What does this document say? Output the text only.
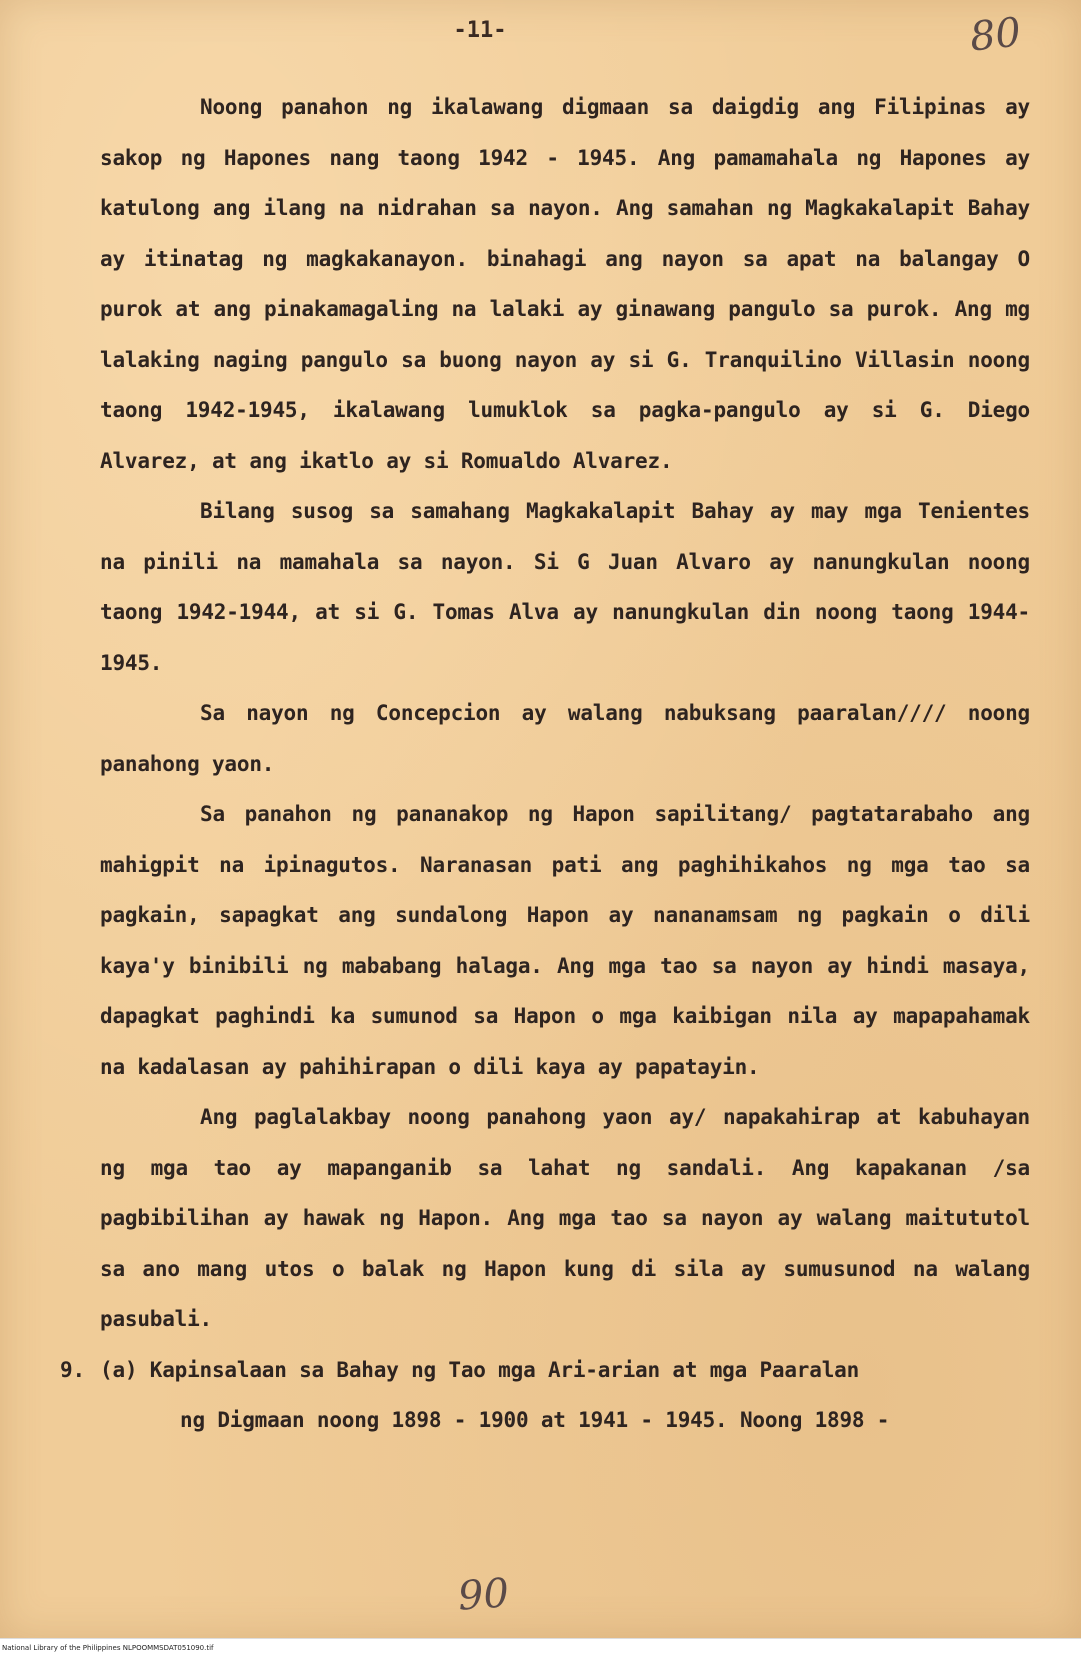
-11-	80

Noong panahon ng ikalawang digmaan sa daigdig ang Filipinas ay sakop ng Hapones nang taong 1942 - 1945. Ang pamamahala ng Hapones ay katulong ang ilang na nidrahan sa nayon. Ang samahan ng Magkakalapit Bahay ay itinatag ng magkakanayon. binahagi ang nayon sa apat na balangay O purok at ang pinakamagaling na lalaki ay ginawang pangulo sa purok. Ang mg lalaking naging pangulo sa buong nayon ay si G. Tranquilino Villasin noong taong 1942-1945, ikalawang lumuklok sa pagka-pangulo ay si G. Diego Alvarez, at ang ikatlo ay si Romualdo Alvarez.

Bilang susog sa samahang Magkakalapit Bahay ay may mga Tenientes na pinili na mamahala sa nayon. Si G Juan Alvaro ay nanungkulan noong taong 1942-1944, at si G. Tomas Alva ay nanungkulan din noong taong 1944-1945.

Sa nayon ng Concepcion ay walang nabuksang paaralan//// noong panahong yaon.

Sa panahon ng pananakop ng Hapon sapilitang/ pagtatarabaho ang mahigpit na ipinagutos. Naranasan pati ang paghihikahos ng mga tao sa pagkain, sapagkat ang sundalong Hapon ay nananamsam ng pagkain o dili kaya'y binibili ng mababang halaga. Ang mga tao sa nayon ay hindi masaya, dapagkat paghindi ka sumunod sa Hapon o mga kaibigan nila ay mapapahamak na kadalasan ay pahihirapan o dili kaya ay papatayin.

Ang paglalakbay noong panahong yaon ay/ napakahirap at kabuhayan ng mga tao ay mapanganib sa lahat ng sandali. Ang kapakanan /sa pagbibilihan ay hawak ng Hapon. Ang mga tao sa nayon ay walang maitututol sa ano mang utos o balak ng Hapon kung di sila ay sumusunod na walang pasubali.

9. (a) Kapinsalaan sa Bahay ng Tao mga Ari-arian at mga Paaralan

ng Digmaan noong 1898 - 1900 at 1941 - 1945. Noong 1898 -

90

National Library of the Philippines NLPOOMMSDAT051090.tif
